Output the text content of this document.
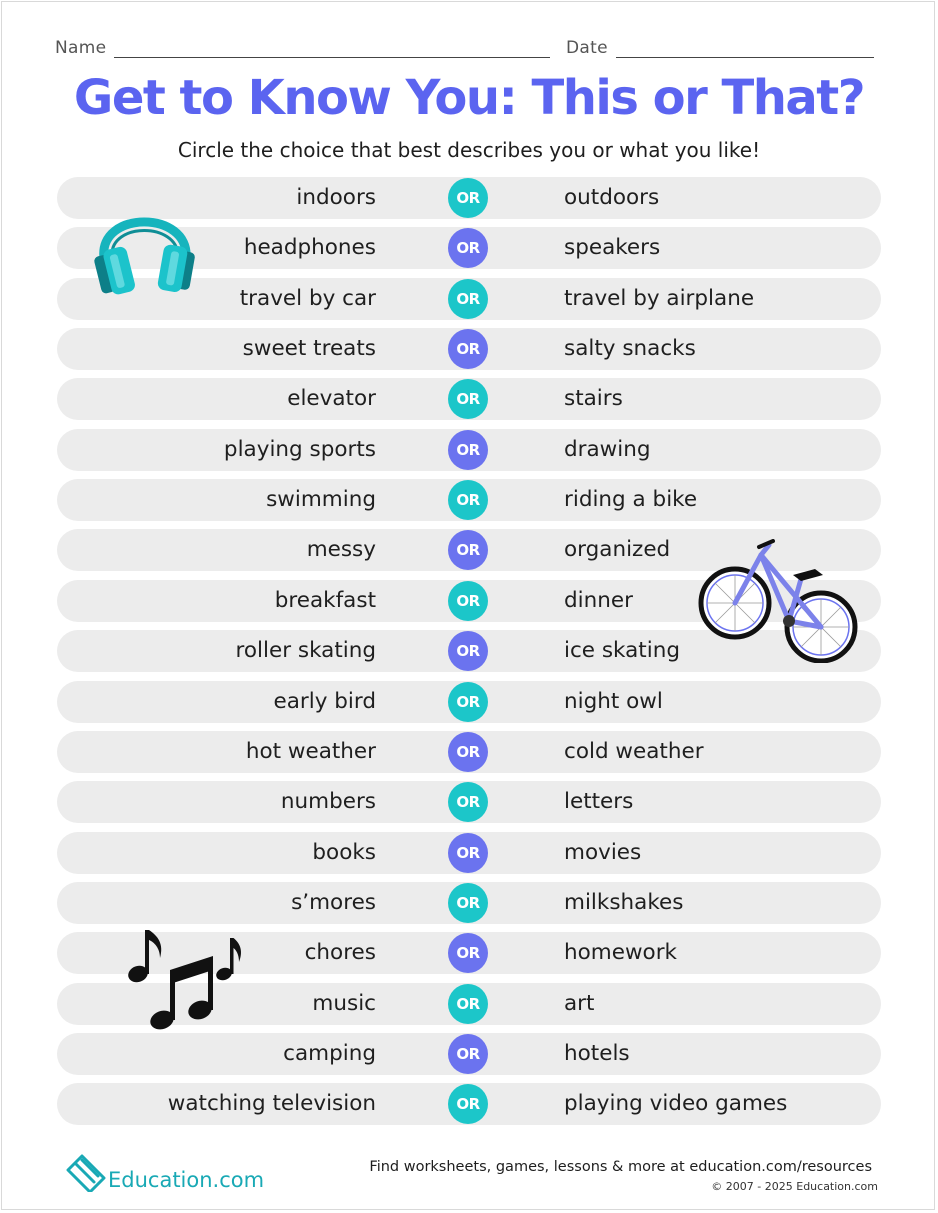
Name	Date
Get to Know You: This or That?

Circle the choice that best describes you or what you like!

indoors	OR	outdoors
headphones	OR	speakers
travel by car	OR	travel by airplane
sweet treats	OR	salty snacks
elevator	OR	stairs
playing sports	OR	drawing
swimming	OR	riding a bike
messy	OR	organized
breakfast	OR	dinner
roller skating	OR	ice skating
early bird	OR	night owl
hot weather	OR	cold weather
numbers	OR	letters
books	OR	movies
s’mores	OR	milkshakes
chores	OR	homework
music	OR	art
camping	OR	hotels
watching television	OR	playing video games
Education.com
Find worksheets, games, lessons & more at education.com/resources
© 2007 - 2025 Education.com
